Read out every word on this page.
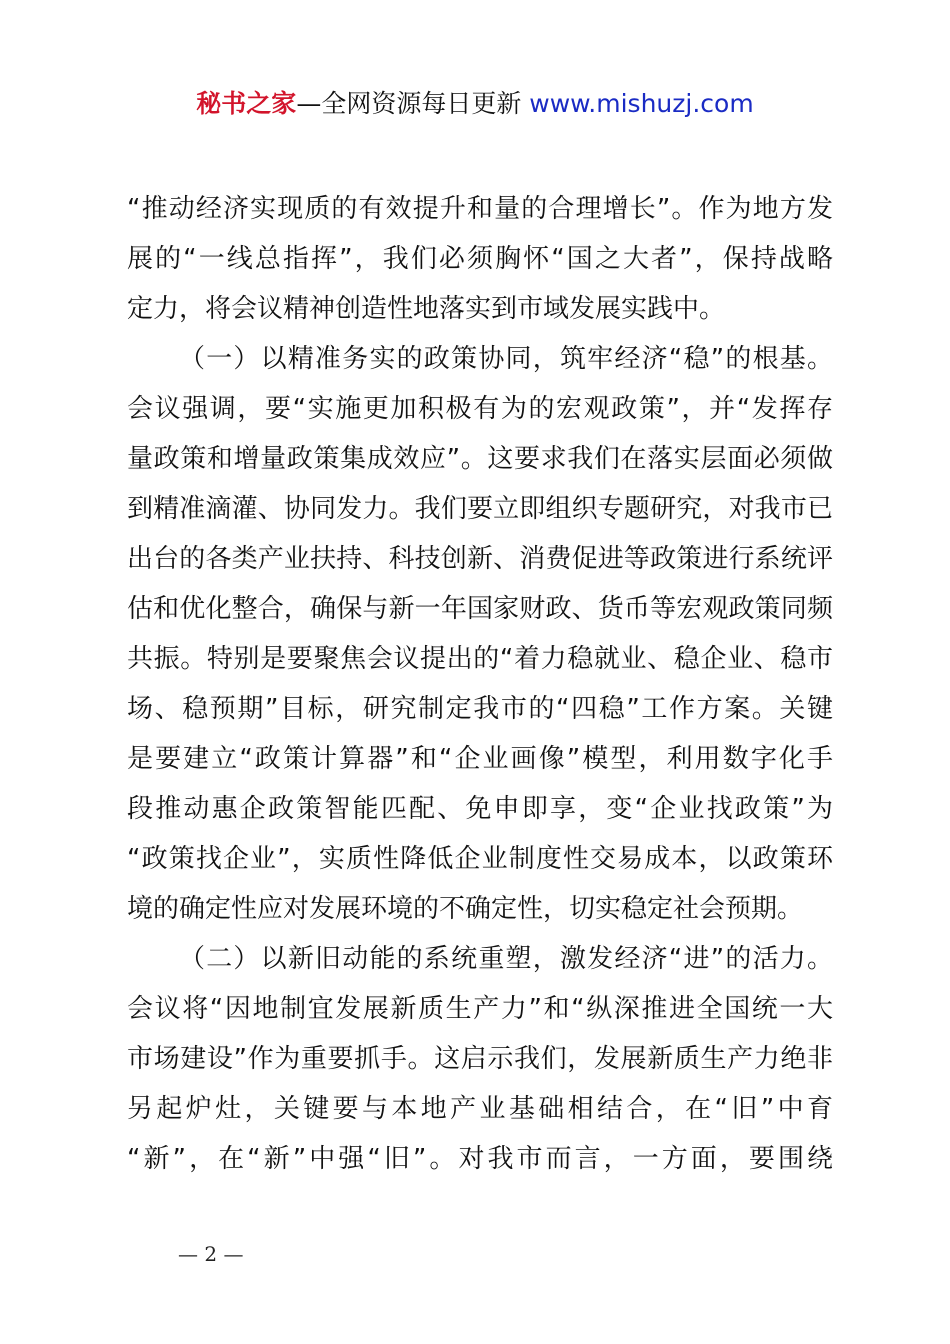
秘书之家—全网资源每日更新 www.mishuzj.com
“推动经济实现质的有效提升和量的合理增长”。作为地方发
展的“一线总指挥”，我们必须胸怀“国之大者”，保持战略
定力，将会议精神创造性地落实到市域发展实践中。
（一）以精准务实的政策协同，筑牢经济“稳”的根基。
会议强调，要“实施更加积极有为的宏观政策”，并“发挥存
量政策和增量政策集成效应”。这要求我们在落实层面必须做
到精准滴灌、协同发力。我们要立即组织专题研究，对我市已
出台的各类产业扶持、科技创新、消费促进等政策进行系统评
估和优化整合，确保与新一年国家财政、货币等宏观政策同频
共振。特别是要聚焦会议提出的“着力稳就业、稳企业、稳市
场、稳预期”目标，研究制定我市的“四稳”工作方案。关键
是要建立“政策计算器”和“企业画像”模型，利用数字化手
段推动惠企政策智能匹配、免申即享，变“企业找政策”为
“政策找企业”，实质性降低企业制度性交易成本，以政策环
境的确定性应对发展环境的不确定性，切实稳定社会预期。
（二）以新旧动能的系统重塑，激发经济“进”的活力。
会议将“因地制宜发展新质生产力”和“纵深推进全国统一大
市场建设”作为重要抓手。这启示我们，发展新质生产力绝非
另起炉灶，关键要与本地产业基础相结合，在“旧”中育
“新”，在“新”中强“旧”。对我市而言，一方面，要围绕
— 2 —
